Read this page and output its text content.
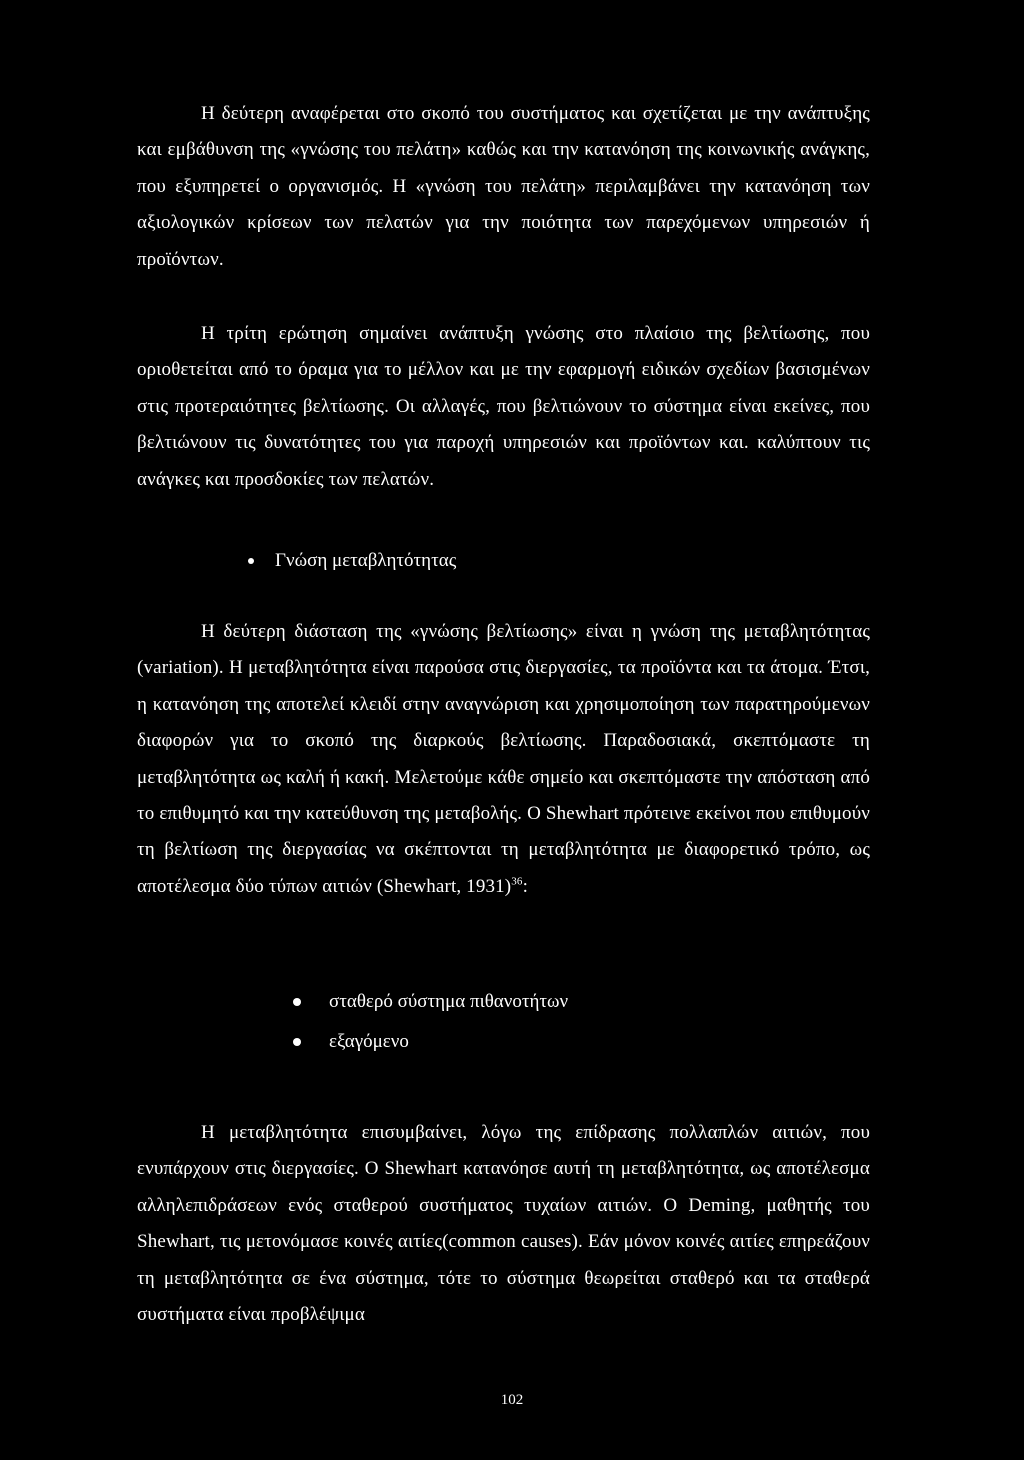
Η δεύτερη αναφέρεται στο σκοπό του συστήματος και σχετίζεται με την ανάπτυξης και εμβάθυνση της «γνώσης του πελάτη» καθώς και την κατανόηση της κοινωνικής ανάγκης, που εξυπηρετεί ο οργανισμός. Η «γνώση του πελάτη» περιλαμβάνει την κατανόηση των αξιολογικών κρίσεων των πελατών για την ποιότητα των παρεχόμενων υπηρεσιών ή προϊόντων.

Η τρίτη ερώτηση σημαίνει ανάπτυξη γνώσης στο πλαίσιο της βελτίωσης, που οριοθετείται από το όραμα για το μέλλον και με την εφαρμογή ειδικών σχεδίων βασισμένων στις προτεραιότητες βελτίωσης. Οι αλλαγές, που βελτιώνουν το σύστημα είναι εκείνες, που βελτιώνουν τις δυνατότητες του για παροχή υπηρεσιών και προϊόντων και. καλύπτουν τις ανάγκες και προσδοκίες των πελατών.

Γνώση μεταβλητότητας

Η δεύτερη διάσταση της «γνώσης βελτίωσης» είναι η γνώση της μεταβλητότητας (variation). Η μεταβλητότητα είναι παρούσα στις διεργασίες, τα προϊόντα και τα άτομα. Έτσι, η κατανόηση της αποτελεί κλειδί στην αναγνώριση και χρησιμοποίηση των παρατηρούμενων διαφορών για το σκοπό της διαρκούς βελτίωσης. Παραδοσιακά, σκεπτόμαστε τη μεταβλητότητα ως καλή ή κακή. Μελετούμε κάθε σημείο και σκεπτόμαστε την απόσταση από το επιθυμητό και την κατεύθυνση της μεταβολής. Ο Shewhart πρότεινε εκείνοι που επιθυμούν τη βελτίωση της διεργασίας να σκέπτονται τη μεταβλητότητα με διαφορετικό τρόπο, ως αποτέλεσμα δύο τύπων αιτιών (Shewhart, 1931)$^{36}$:

σταθερό σύστημα πιθανοτήτων
εξαγόμενο

Η μεταβλητότητα επισυμβαίνει, λόγω της επίδρασης πολλαπλών αιτιών, που ενυπάρχουν στις διεργασίες. Ο Shewhart κατανόησε αυτή τη μεταβλητότητα, ως αποτέλεσμα αλληλεπιδράσεων ενός σταθερού συστήματος τυχαίων αιτιών. Ο Deming, μαθητής του Shewhart, τις μετονόμασε κοινές αιτίες(common causes). Εάν μόνον κοινές αιτίες επηρεάζουν τη μεταβλητότητα σε ένα σύστημα, τότε το σύστημα θεωρείται σταθερό και τα σταθερά συστήματα είναι προβλέψιμα

102
